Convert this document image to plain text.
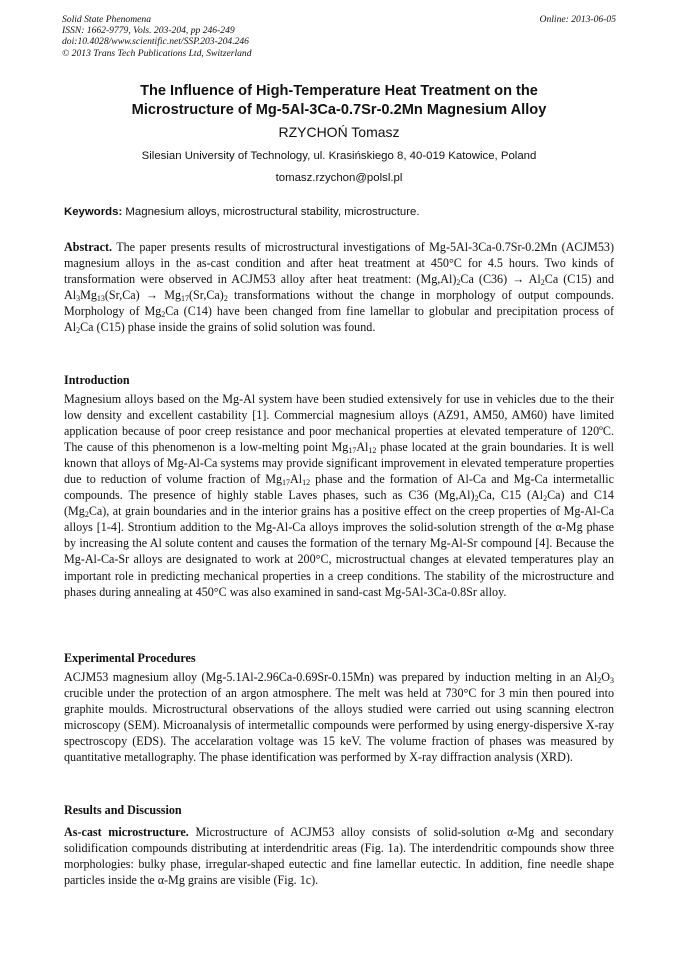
Solid State Phenomena
ISSN: 1662-9779, Vols. 203-204, pp 246-249
doi:10.4028/www.scientific.net/SSP.203-204.246
© 2013 Trans Tech Publications Ltd, Switzerland
Online: 2013-06-05
The Influence of High-Temperature Heat Treatment on the
Microstructure of Mg-5Al-3Ca-0.7Sr-0.2Mn Magnesium Alloy
RZYCHOŃ Tomasz
Silesian University of Technology, ul. Krasińskiego 8, 40-019 Katowice, Poland
tomasz.rzychon@polsl.pl
Keywords: Magnesium alloys, microstructural stability, microstructure.
Abstract. The paper presents results of microstructural investigations of Mg-5Al-3Ca-0.7Sr-0.2Mn (ACJM53) magnesium alloys in the as-cast condition and after heat treatment at 450°C for 4.5 hours. Two kinds of transformation were observed in ACJM53 alloy after heat treatment: $(Mg,Al)_2Ca$ $(C36) \to Al_2Ca$ (C15) and $Al_3Mg_{13}(Sr,Ca) \to Mg_{17}(Sr,Ca)_2$ transformations without the change in morphology of output compounds. Morphology of $Mg_2Ca$ (C14) have been changed from fine lamellar to globular and precipitation process of $Al_2Ca$ (C15) phase inside the grains of solid solution was found.
Introduction
Magnesium alloys based on the Mg-Al system have been studied extensively for use in vehicles due to the their low density and excellent castability [1]. Commercial magnesium alloys (AZ91, AM50, AM60) have limited application because of poor creep resistance and poor mechanical properties at elevated temperature of 120ºC. The cause of this phenomenon is a low-melting point $Mg_{17}Al_{12}$ phase located at the grain boundaries. It is well known that alloys of Mg-Al-Ca systems may provide significant improvement in elevated temperature properties due to reduction of volume fraction of $Mg_{17}Al_{12}$ phase and the formation of Al-Ca and Mg-Ca intermetallic compounds. The presence of highly stable Laves phases, such as C36 $(Mg,Al)_2Ca$, C15 $(Al_2Ca)$ and C14 $(Mg_2Ca)$, at grain boundaries and in the interior grains has a positive effect on the creep properties of Mg-Al-Ca alloys [1-4]. Strontium addition to the Mg-Al-Ca alloys improves the solid-solution strength of the α-Mg phase by increasing the Al solute content and causes the formation of the ternary Mg-Al-Sr compound [4]. Because the Mg-Al-Ca-Sr alloys are designated to work at 200°C, microstructual changes at elevated temperatures play an important role in predicting mechanical properties in a creep conditions. The stability of the microstructure and phases during annealing at 450°C was also examined in sand-cast Mg-5Al-3Ca-0.8Sr alloy.
Experimental Procedures
ACJM53 magnesium alloy (Mg-5.1Al-2.96Ca-0.69Sr-0.15Mn) was prepared by induction melting in an $Al_2O_3$ crucible under the protection of an argon atmosphere. The melt was held at 730°C for 3 min then poured into graphite moulds. Microstructural observations of the alloys studied were carried out using scanning electron microscopy (SEM). Microanalysis of intermetallic compounds were performed by using energy-dispersive X-ray spectroscopy (EDS). The accelaration voltage was 15 keV. The volume fraction of phases was measured by quantitative metallography. The phase identification was performed by X-ray diffraction analysis (XRD).
Results and Discussion
As-cast microstructure. Microstructure of ACJM53 alloy consists of solid-solution α-Mg and secondary solidification compounds distributing at interdendritic areas (Fig. 1a). The interdendritic compounds show three morphologies: bulky phase, irregular-shaped eutectic and fine lamellar eutectic. In addition, fine needle shape particles inside the α-Mg grains are visible (Fig. 1c).
